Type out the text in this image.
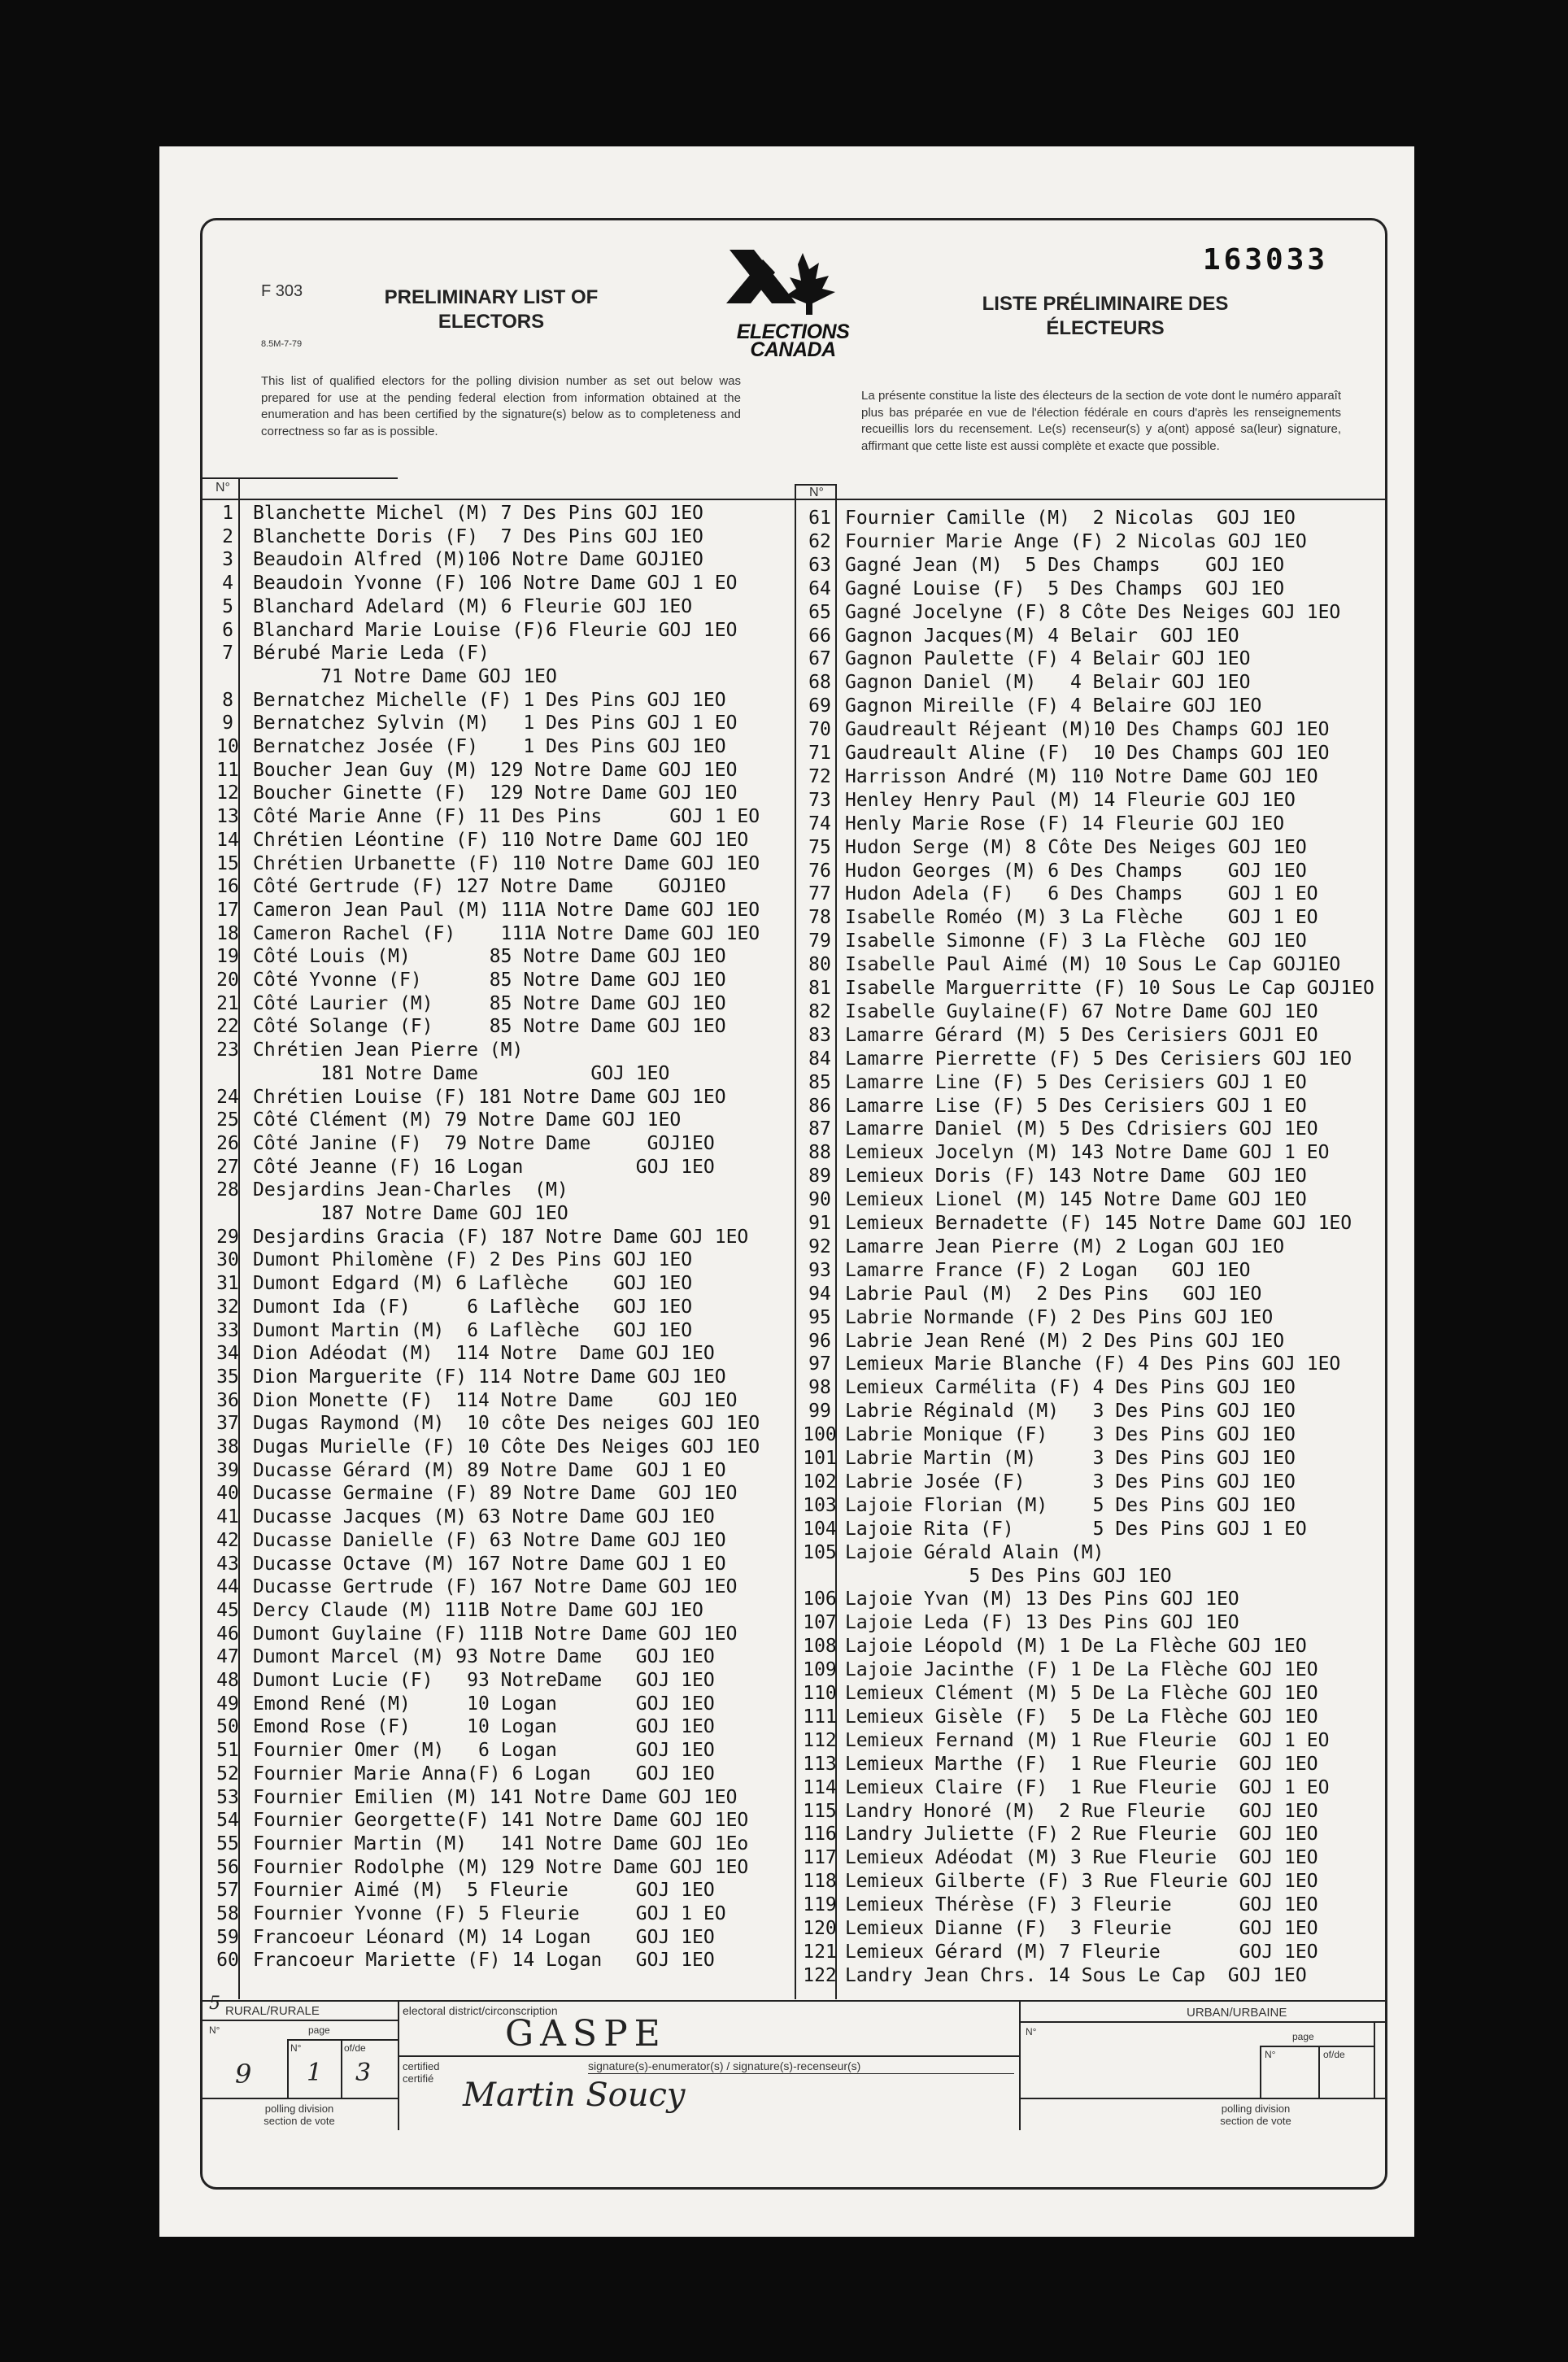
F 303
8.5M-7-79
PRELIMINARY LIST OF
ELECTORS	ELECTIONS
CANADA
163033
LISTE PRÉLIMINAIRE DES
ÉLECTEURS
This list of qualified electors for the polling division number as set out below was prepared for use at the pending federal election from information obtained at the enumeration and has been certified by the signature(s) below as to completeness and correctness so far as is possible.
La présente constitue la liste des électeurs de la section de vote dont le numéro apparaît plus bas préparée en vue de l'élection fédérale en cours d'après les renseignements recueillis lors du recensement. Le(s) recenseur(s) y a(ont) apposé sa(leur) signature, affirmant que cette liste est aussi complète et exacte que possible.
N°	N°
1 Blanchette Michel (M) 7 Des Pins GOJ 1EO
2 Blanchette Doris (F)  7 Des Pins GOJ 1EO
3 Beaudoin Alfred (M)106 Notre Dame GOJ1EO
4 Beaudoin Yvonne (F) 106 Notre Dame GOJ 1 EO
5 Blanchard Adelard (M) 6 Fleurie GOJ 1EO
6 Blanchard Marie Louise (F)6 Fleurie GOJ 1EO
7 Bérubé Marie Leda (F)
71 Notre Dame GOJ 1EO
8 Bernatchez Michelle (F) 1 Des Pins GOJ 1EO
9 Bernatchez Sylvin (M)   1 Des Pins GOJ 1 EO
10 Bernatchez Josée (F)    1 Des Pins GOJ 1EO
11 Boucher Jean Guy (M) 129 Notre Dame GOJ 1EO
12 Boucher Ginette (F)  129 Notre Dame GOJ 1EO
13 Côté Marie Anne (F) 11 Des Pins      GOJ 1 EO
14 Chrétien Léontine (F) 110 Notre Dame GOJ 1EO
15 Chrétien Urbanette (F) 110 Notre Dame GOJ 1EO
16 Côté Gertrude (F) 127 Notre Dame    GOJ1EO
17 Cameron Jean Paul (M) 111A Notre Dame GOJ 1EO
18 Cameron Rachel (F)    111A Notre Dame GOJ 1EO
19 Côté Louis (M)       85 Notre Dame GOJ 1EO
20 Côté Yvonne (F)      85 Notre Dame GOJ 1EO
21 Côté Laurier (M)     85 Notre Dame GOJ 1EO
22 Côté Solange (F)     85 Notre Dame GOJ 1EO
23 Chrétien Jean Pierre (M)
181 Notre Dame          GOJ 1EO
24 Chrétien Louise (F) 181 Notre Dame GOJ 1EO
25 Côté Clément (M) 79 Notre Dame GOJ 1EO
26 Côté Janine (F)  79 Notre Dame     GOJ1EO
27 Côté Jeanne (F) 16 Logan          GOJ 1EO
28 Desjardins Jean-Charles  (M)
187 Notre Dame GOJ 1EO
29 Desjardins Gracia (F) 187 Notre Dame GOJ 1EO
30 Dumont Philomène (F) 2 Des Pins GOJ 1EO
31 Dumont Edgard (M) 6 Laflèche    GOJ 1EO
32 Dumont Ida (F)     6 Laflèche   GOJ 1EO
33 Dumont Martin (M)  6 Laflèche   GOJ 1EO
34 Dion Adéodat (M)  114 Notre  Dame GOJ 1EO
35 Dion Marguerite (F) 114 Notre Dame GOJ 1EO
36 Dion Monette (F)  114 Notre Dame    GOJ 1EO
37 Dugas Raymond (M)  10 côte Des neiges GOJ 1EO
38 Dugas Murielle (F) 10 Côte Des Neiges GOJ 1EO
39 Ducasse Gérard (M) 89 Notre Dame  GOJ 1 EO
40 Ducasse Germaine (F) 89 Notre Dame  GOJ 1EO
41 Ducasse Jacques (M) 63 Notre Dame GOJ 1EO
42 Ducasse Danielle (F) 63 Notre Dame GOJ 1EO
43 Ducasse Octave (M) 167 Notre Dame GOJ 1 EO
44 Ducasse Gertrude (F) 167 Notre Dame GOJ 1EO
45 Dercy Claude (M) 111B Notre Dame GOJ 1EO
46 Dumont Guylaine (F) 111B Notre Dame GOJ 1EO
47 Dumont Marcel (M) 93 Notre Dame   GOJ 1EO
48 Dumont Lucie (F)   93 NotreDame   GOJ 1EO
49 Emond René (M)     10 Logan       GOJ 1EO
50 Emond Rose (F)     10 Logan       GOJ 1EO
51 Fournier Omer (M)   6 Logan       GOJ 1EO
52 Fournier Marie Anna(F) 6 Logan    GOJ 1EO
53 Fournier Emilien (M) 141 Notre Dame GOJ 1EO
54 Fournier Georgette(F) 141 Notre Dame GOJ 1EO
55 Fournier Martin (M)   141 Notre Dame GOJ 1Eo
56 Fournier Rodolphe (M) 129 Notre Dame GOJ 1EO
57 Fournier Aimé (M)  5 Fleurie      GOJ 1EO
58 Fournier Yvonne (F) 5 Fleurie     GOJ 1 EO
59 Francoeur Léonard (M) 14 Logan    GOJ 1EO
60 Francoeur Mariette (F) 14 Logan   GOJ 1EO
61 Fournier Camille (M)  2 Nicolas  GOJ 1EO
62 Fournier Marie Ange (F) 2 Nicolas GOJ 1EO
63 Gagné Jean (M)  5 Des Champs    GOJ 1EO
64 Gagné Louise (F)  5 Des Champs  GOJ 1EO
65 Gagné Jocelyne (F) 8 Côte Des Neiges GOJ 1EO
66 Gagnon Jacques(M) 4 Belair  GOJ 1EO
67 Gagnon Paulette (F) 4 Belair GOJ 1EO
68 Gagnon Daniel (M)   4 Belair GOJ 1EO
69 Gagnon Mireille (F) 4 Belaire GOJ 1EO
70 Gaudreault Réjeant (M)10 Des Champs GOJ 1EO
71 Gaudreault Aline (F)  10 Des Champs GOJ 1EO
72 Harrisson André (M) 110 Notre Dame GOJ 1EO
73 Henley Henry Paul (M) 14 Fleurie GOJ 1EO
74 Henly Marie Rose (F) 14 Fleurie GOJ 1EO
75 Hudon Serge (M) 8 Côte Des Neiges GOJ 1EO
76 Hudon Georges (M) 6 Des Champs    GOJ 1EO
77 Hudon Adela (F)   6 Des Champs    GOJ 1 EO
78 Isabelle Roméo (M) 3 La Flèche    GOJ 1 EO
79 Isabelle Simonne (F) 3 La Flèche  GOJ 1EO
80 Isabelle Paul Aimé (M) 10 Sous Le Cap GOJ1EO
81 Isabelle Marguerritte (F) 10 Sous Le Cap GOJ1EO
82 Isabelle Guylaine(F) 67 Notre Dame GOJ 1EO
83 Lamarre Gérard (M) 5 Des Cerisiers GOJ1 EO
84 Lamarre Pierrette (F) 5 Des Cerisiers GOJ 1EO
85 Lamarre Line (F) 5 Des Cerisiers GOJ 1 EO
86 Lamarre Lise (F) 5 Des Cerisiers GOJ 1 EO
87 Lamarre Daniel (M) 5 Des Cdrisiers GOJ 1EO
88 Lemieux Jocelyn (M) 143 Notre Dame GOJ 1 EO
89 Lemieux Doris (F) 143 Notre Dame  GOJ 1EO
90 Lemieux Lionel (M) 145 Notre Dame GOJ 1EO
91 Lemieux Bernadette (F) 145 Notre Dame GOJ 1EO
92 Lamarre Jean Pierre (M) 2 Logan GOJ 1EO
93 Lamarre France (F) 2 Logan   GOJ 1EO
94 Labrie Paul (M)  2 Des Pins   GOJ 1EO
95 Labrie Normande (F) 2 Des Pins GOJ 1EO
96 Labrie Jean René (M) 2 Des Pins GOJ 1EO
97 Lemieux Marie Blanche (F) 4 Des Pins GOJ 1EO
98 Lemieux Carmélita (F) 4 Des Pins GOJ 1EO
99 Labrie Réginald (M)   3 Des Pins GOJ 1EO
100 Labrie Monique (F)    3 Des Pins GOJ 1EO
101 Labrie Martin (M)     3 Des Pins GOJ 1EO
102 Labrie Josée (F)      3 Des Pins GOJ 1EO
103 Lajoie Florian (M)    5 Des Pins GOJ 1EO
104 Lajoie Rita (F)       5 Des Pins GOJ 1 EO
105 Lajoie Gérald Alain (M)
5 Des Pins GOJ 1EO
106 Lajoie Yvan (M) 13 Des Pins GOJ 1EO
107 Lajoie Leda (F) 13 Des Pins GOJ 1EO
108 Lajoie Léopold (M) 1 De La Flèche GOJ 1EO
109 Lajoie Jacinthe (F) 1 De La Flèche GOJ 1EO
110 Lemieux Clément (M) 5 De La Flèche GOJ 1EO
111 Lemieux Gisèle (F)  5 De La Flèche GOJ 1EO
112 Lemieux Fernand (M) 1 Rue Fleurie  GOJ 1 EO
113 Lemieux Marthe (F)  1 Rue Fleurie  GOJ 1EO
114 Lemieux Claire (F)  1 Rue Fleurie  GOJ 1 EO
115 Landry Honoré (M)  2 Rue Fleurie   GOJ 1EO
116 Landry Juliette (F) 2 Rue Fleurie  GOJ 1EO
117 Lemieux Adéodat (M) 3 Rue Fleurie  GOJ 1EO
118 Lemieux Gilberte (F) 3 Rue Fleurie GOJ 1EO
119 Lemieux Thérèse (F) 3 Fleurie      GOJ 1EO
120 Lemieux Dianne (F)  3 Fleurie      GOJ 1EO
121 Lemieux Gérard (M) 7 Fleurie       GOJ 1EO
122 Landry Jean Chrs. 14 Sous Le Cap  GOJ 1EO
RURAL/RURALE
5
N°	page
N°	of/de
9 1 3
polling division
section de vote
electoral district/circonscription
GASPE
certified
certifié
signature(s)-enumerator(s) / signature(s)-recenseur(s)
Martin Soucy
URBAN/URBAINE
N°	page
N°	of/de
polling division
section de vote
